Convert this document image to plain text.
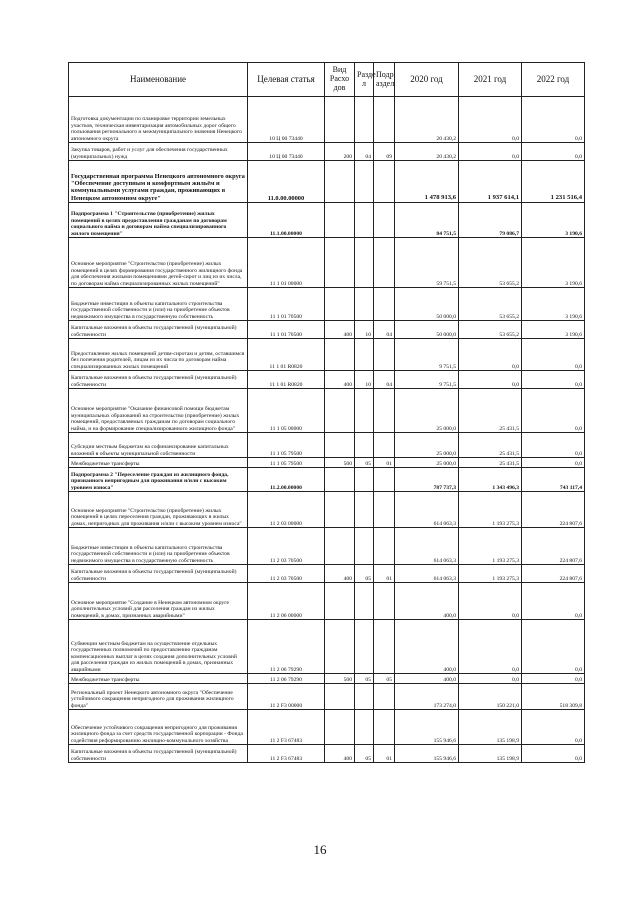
Наименование	Целевая статья	Вид Расхо дов	Разде л	Подр аздел	2020 год	2021 год	2022 год
Подготовка документации по планировке территории земельных участков, техническая инвентаризация автомобильных дорог общего пользования регионального и межмуниципального значения Ненецкого автономного округа	10 Ц 00 73440				20 430,2	0,0	0,0
Закупка товаров, работ и услуг для обеспечения государственных (муниципальных) нужд	10 Ц 00 73440	200	04	09	20 430,2	0,0	0,0
Государственная программа Ненецкого автономного округа "Обеспечение доступным и комфортным жильём и коммунальными услугами граждан, проживающих в Ненецком автономном округе"	11.0.00.00000				1 478 913,6	1 937 614,1	1 231 516,4
Подпрограмма 1 "Строительство (приобретение) жилых помещений в целях предоставления гражданам по договорам социального найма и договорам найма специализированного жилого помещения"	11.1.00.00000				84 751,5	79 086,7	3 190,6
Основное мероприятие "Строительство (приобретение) жилых помещений в целях формирования государственного жилищного фонда для обеспечения жилыми помещениями детей-сирот и лиц из их числа, по договорам найма специализированных жилых помещений"	11 1 01 00000				59 751,5	53 655,2	3 190,6
Бюджетные инвестиции в объекты капитального строительства государственной собственности и (или) на приобретение объектов недвижимого имущества в государственную собственность	11 1 01 70500				50 000,0	53 655,2	3 190,6
Капитальные вложения в объекты государственной (муниципальной) собственности	11 1 01 70500	400	10	04	50 000,0	53 655,2	3 190,6
Предоставление жилых помещений детям-сиротам и детям, оставшимся без попечения родителей, лицам из их числа по договорам найма специализированных жилых помещений	11 1 01 R0820				9 751,5	0,0	0,0
Капитальные вложения в объекты государственной (муниципальной) собственности	11 1 01 R0820	400	10	04	9 751,5	0,0	0,0
Основное мероприятие "Оказание финансовой помощи бюджетам муниципальных образований на строительство (приобретение) жилых помещений, предоставляемых гражданам по договорам социального найма, и на формирование специализированного жилищного фонда"	11 1 05 00000				25 000,0	25 431,5	0,0
Субсидии местным бюджетам на софинансирование капитальных вложений в объекты муниципальной собственности	11 1 05 79500				25 000,0	25 431,5	0,0
Межбюджетные трансферты	11 1 05 79500	500	05	01	25 000,0	25 431,5	0,0
Подпрограмма 2 "Переселение граждан из жилищного фонда, признанного непригодным для проживания и/или с высоким уровнем износа"	11.2.00.00000				787 737,3	1 343 496,3	743 117,4
Основное мероприятие "Строительство (приобретение) жилых помещений в целях переселения граждан, проживающих в жилых домах, непригодных для проживания и/или с высоким уровнем износа"	11 2 03 00000				614 063,3	1 193 275,3	224 807,6
Бюджетные инвестиции в объекты капитального строительства государственной собственности и (или) на приобретение объектов недвижимого имущества в государственную собственность	11 2 03 70500				614 063,3	1 193 275,3	224 807,6
Капитальные вложения в объекты государственной (муниципальной) собственности	11 2 03 70500	400	05	01	614 063,3	1 193 275,3	224 807,6
Основное мероприятие "Создание в Ненецком автономном округе дополнительных условий для расселения граждан из жилых помещений, в домах, признанных аварийными"	11 2 06 00000				400,0	0,0	0,0
Субвенции местным бюджетам на осуществление отдельных государственных полномочий по предоставлению гражданам компенсационных выплат в целях создания дополнительных условий для расселения граждан из жилых помещений в домах, признанных аварийными	11 2 06 79290				400,0	0,0	0,0
Межбюджетные трансферты	11 2 06 79290	500	05	05	400,0	0,0	0,0
Региональный проект Ненецкого автономного округа "Обеспечение устойчивого сокращения непригодного для проживания жилищного фонда"	11 2 F3 00000				173 274,0	150 221,0	518 309,8
Обеспечение устойчивого сокращения непригодного для проживания жилищного фонда за счет средств государственной корпорации - Фонда содействия реформированию жилищно-коммунального хозяйства	11 2 F3 67483				155 946,6	135 198,9	0,0
Капитальные вложения в объекты государственной (муниципальной) собственности	11 2 F3 67483	400	05	01	155 946,6	135 198,9	0,0
16
